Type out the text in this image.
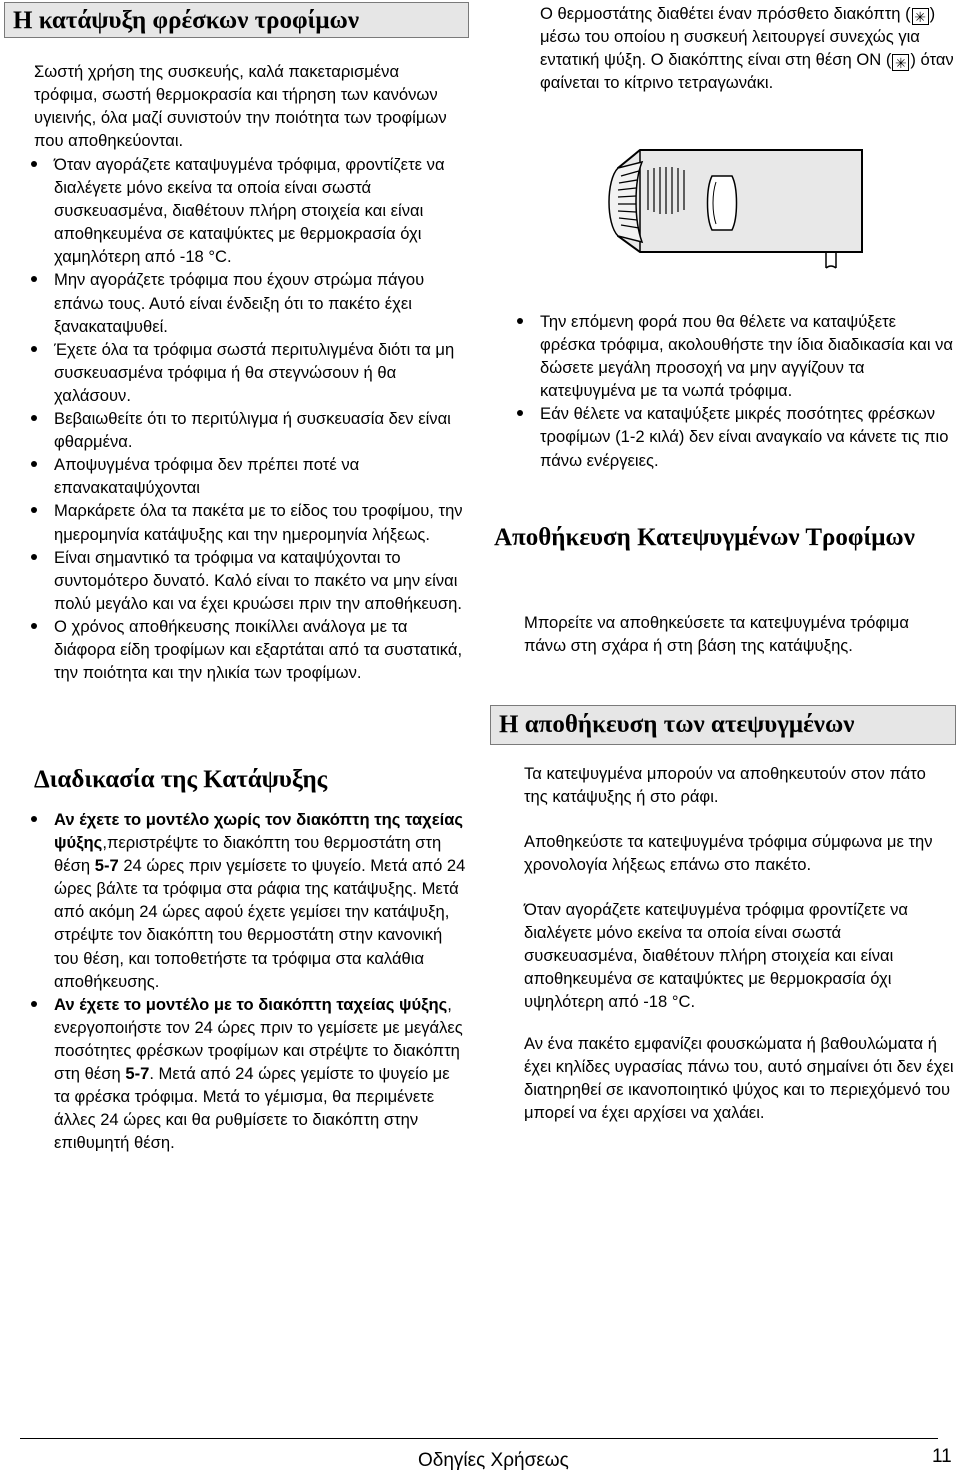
Η κατάψυξη φρέσκων τροφίμων

Σωστή χρήση της συσκευής, καλά πακεταρισμένα τρόφιμα, σωστή θερμοκρασία και τήρηση των κανόνων υγιεινής, όλα μαζί συνιστούν την ποιότητα των τροφίμων που αποθηκεύονται.

Όταν αγοράζετε καταψυγμένα τρόφιμα, φροντίζετε να διαλέγετε μόνο εκείνα τα οποία είναι σωστά συσκευασμένα, διαθέτουν πλήρη στοιχεία και είναι αποθηκευμένα σε καταψύκτες με θερμοκρασία όχι χαμηλότερη από -18 °C.
Μην αγοράζετε τρόφιμα που έχουν στρώμα πάγου επάνω τους. Αυτό είναι ένδειξη ότι το πακέτο έχει ξανακαταψυθεί.
Έχετε όλα τα τρόφιμα σωστά περιτυλιγμένα διότι τα μη συσκευασμένα τρόφιμα ή θα στεγνώσουν ή θα χαλάσουν.
Βεβαιωθείτε ότι το περιτύλιγμα ή συσκευασία δεν είναι φθαρμένα.
Αποψυγμένα τρόφιμα δεν πρέπει ποτέ να επανακαταψύχονται
Μαρκάρετε όλα τα πακέτα με το είδος του τροφίμου, την ημερομηνία κατάψυξης και την ημερομηνία λήξεως.
Είναι σημαντικό τα τρόφιμα να καταψύχονται το συντομότερο δυνατό. Καλό είναι το πακέτο να μην είναι πολύ μεγάλο και να έχει κρυώσει πριν την αποθήκευση.
Ο χρόνος αποθήκευσης ποικίλλει ανάλογα με τα διάφορα είδη τροφίμων και εξαρτάται από τα συστατικά, την ποιότητα και την ηλικία των τροφίμων.
Διαδικασία της Κατάψυξης
Αν έχετε το μοντέλο χωρίς τον διακόπτη της ταχείας ψύξης,περιστρέψτε το διακόπτη του θερμοστάτη στη θέση 5-7 24 ώρες πριν γεμίσετε το ψυγείο. Μετά από 24 ώρες βάλτε τα τρόφιμα στα ράφια της κατάψυξης. Μετά από ακόμη 24 ώρες αφού έχετε γεμίσει την κατάψυξη, στρέψτε τον διακόπτη του θερμοστάτη στην κανονική του θέση, και τοποθετήστε τα τρόφιμα στα καλάθια αποθήκευσης.
Αν έχετε το μοντέλο με το διακόπτη ταχείας ψύξης, ενεργοποιήστε τον 24 ώρες πριν το γεμίσετε με μεγάλες ποσότητες φρέσκων τροφίμων και στρέψτε το διακόπτη στη θέση 5-7. Μετά από 24 ώρες γεμίστε το ψυγείο με τα φρέσκα τρόφιμα. Μετά το γέμισμα, θα περιμένετε άλλες 24 ώρες και θα ρυθμίσετε το διακόπτη στην επιθυμητή θέση.

Ο θερμοστάτης διαθέτει έναν πρόσθετο διακόπτη ( ✳ ) μέσω του οποίου η συσκευή λειτουργεί συνεχώς για εντατική ψύξη. Ο διακόπτης είναι στη θέση ON ( ✳ ) όταν φαίνεται το κίτρινο τετραγωνάκι.

Την επόμενη φορά που θα θέλετε να καταψύξετε φρέσκα τρόφιμα, ακολουθήστε την ίδια διαδικασία και να δώσετε μεγάλη προσοχή να μην αγγίζουν τα κατεψυγμένα με τα νωπά τρόφιμα.
Εάν θέλετε να καταψύξετε μικρές ποσότητες φρέσκων τροφίμων (1-2 κιλά) δεν είναι αναγκαίο να κάνετε τις πιο πάνω ενέργειες.
Αποθήκευση Κατεψυγμένων Τροφίμων

Μπορείτε να αποθηκεύσετε τα κατεψυγμένα τρόφιμα πάνω στη σχάρα ή στη βάση της κατάψυξης.

Η αποθήκευση των ατεψυγμένων

Τα κατεψυγμένα μπορούν να αποθηκευτούν στον πάτο της κατάψυξης ή στο ράφι.

Αποθηκεύστε τα κατεψυγμένα τρόφιμα σύμφωνα με την χρονολογία λήξεως επάνω στο πακέτο.

Όταν αγοράζετε κατεψυγμένα τρόφιμα φροντίζετε να διαλέγετε μόνο εκείνα τα οποία είναι σωστά συσκευασμένα, διαθέτουν πλήρη στοιχεία και είναι αποθηκευμένα σε καταψύκτες με θερμοκρασία όχι υψηλότερη από -18 °C.

Αν ένα πακέτο εμφανίζει φουσκώματα ή βαθουλώματα ή έχει κηλίδες υγρασίας πάνω του, αυτό σημαίνει ότι δεν έχει διατηρηθεί σε ικανοποιητικό ψύχος και το περιεχόμενό του μπορεί να έχει αρχίσει να χαλάει.

Οδηγίες Χρήσεως	11
